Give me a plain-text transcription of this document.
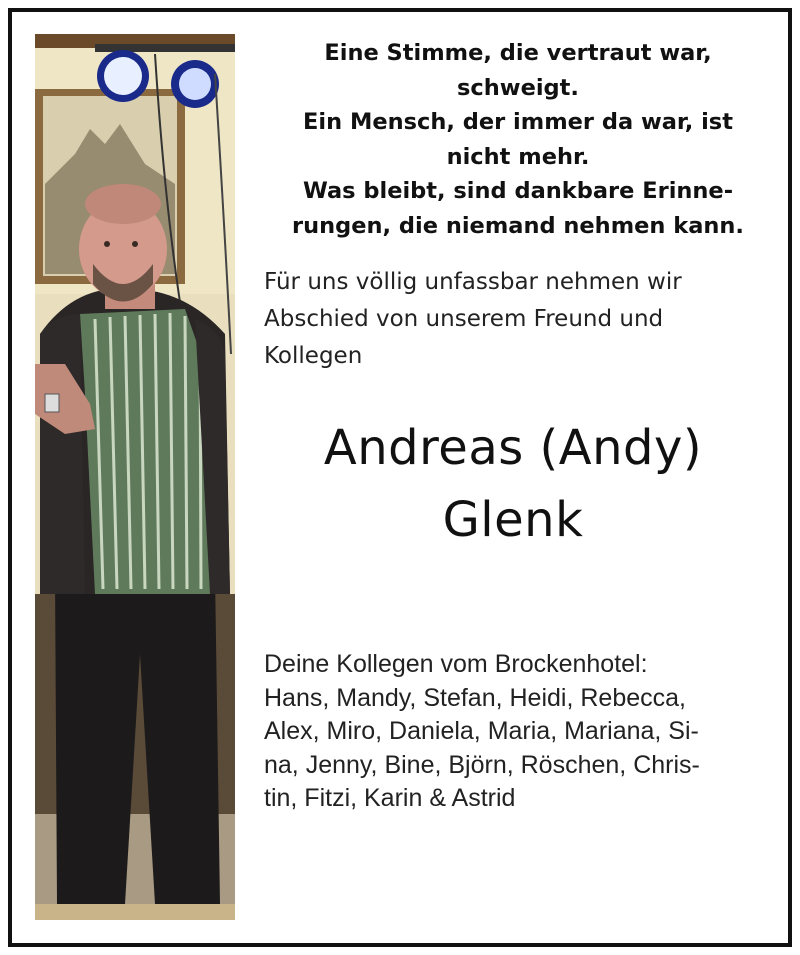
Eine Stimme, die vertraut war,
schweigt.
Ein Mensch, der immer da war, ist
nicht mehr.
Was bleibt, sind dankbare Erinne-
rungen, die niemand nehmen kann.
Für uns völlig unfassbar nehmen wir
Abschied von unserem Freund und
Kollegen
Andreas (Andy)
Glenk
Deine Kollegen vom Brockenhotel:
Hans, Mandy, Stefan, Heidi, Rebecca,
Alex, Miro, Daniela, Maria, Mariana, Si-
na, Jenny, Bine, Björn, Röschen, Chris-
tin, Fitzi, Karin & Astrid
